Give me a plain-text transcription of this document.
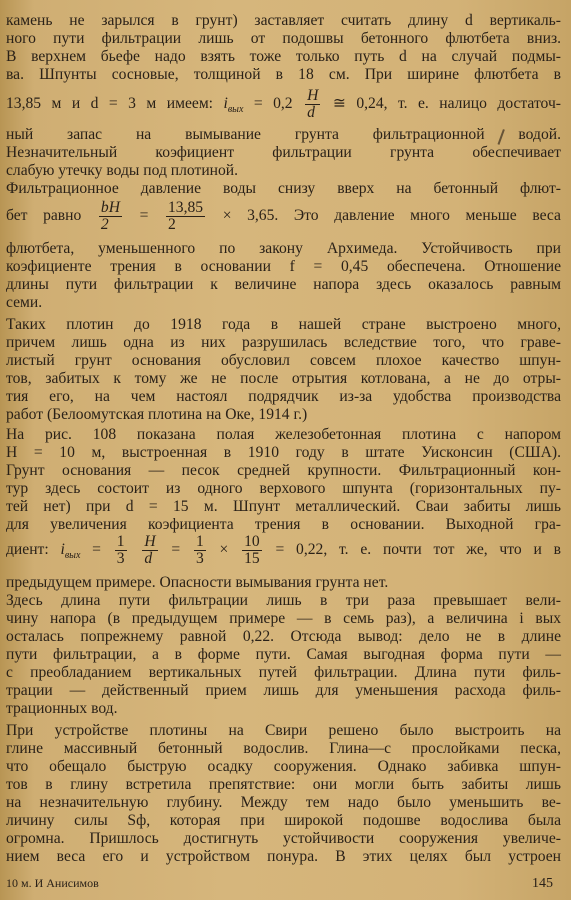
камень не зарылся в грунт) заставляет считать длину d вертикаль-
ного пути фильтрации лишь от подошвы бетонного флютбета вниз.
В верхнем бьефе надо взять тоже только путь d на случай подмы-
ва. Шпунты сосновые, толщиной в 18 см. При ширине флютбета в
13,85 м и d = 3 м имеем: $i_{вых} = 0,2 \frac{H}{d}$ ≅ 0,24, т. е. налицо достаточ-
ный запас на вымывание грунта фильтрационной водой.
Незначительный коэфициент фильтрации грунта обеспечивает
слабую утечку воды под плотиной.
Фильтрационное давление воды снизу вверх на бетонный флют-
бет равно $\frac{bH}{2} = \frac{13,85}{2} \times 3,65$. Это давление много меньше веса
флютбета, уменьшенного по закону Архимеда. Устойчивость при
коэфициенте трения в основании f = 0,45 обеспечена. Отношение
длины пути фильтрации к величине напора здесь оказалось равным
семи.
Таких плотин до 1918 года в нашей стране выстроено много,
причем лишь одна из них разрушилась вследствие того, что граве-
листый грунт основания обусловил совсем плохое качество шпун-
тов, забитых к тому же не после отрытия котлована, а не до отры-
тия его, на чем настоял подрядчик из-за удобства производства
работ (Белоомутская плотина на Оке, 1914 г.)
На рис. 108 показана полая железобетонная плотина с напором
H = 10 м, выстроенная в 1910 году в штате Уисконсин (США).
Грунт основания — песок средней крупности. Фильтрационный кон-
тур здесь состоит из одного верхового шпунта (горизонтальных пу-
тей нет) при d = 15 м. Шпунт металлический. Сваи забиты лишь
для увеличения коэфициента трения в основании. Выходной гра-
диент: $i_{вых} = \frac{1}{3}$
$\frac{H}{d} = \frac{1}{3} \times \frac{10}{15} = 0,22$, т. е. почти тот же, что и в
предыдущем примере. Опасности вымывания грунта нет.
Здесь длина пути фильтрации лишь в три раза превышает вели-
чину напора (в предыдущем примере — в семь раз), а величина i вых
осталась попрежнему равной 0,22. Отсюда вывод: дело не в длине
пути фильтрации, а в форме пути. Самая выгодная форма пути —
с преобладанием вертикальных путей фильтрации. Длина пути филь-
трации — действенный прием лишь для уменьшения расхода филь-
трационных вод.
При устройстве плотины на Свири решено было выстроить на
глине массивный бетонный водослив. Глина—с прослойками песка,
что обещало быструю осадку сооружения. Однако забивка шпун-
тов в глину встретила препятствие: они могли быть забиты лишь
на незначительную глубину. Между тем надо было уменьшить ве-
личину силы Sф, которая при широкой подошве водослива была
огромна. Пришлось достигнуть устойчивости сооружения увеличе-
нием веса его и устройством понура. В этих целях был устроен
10 м. И Анисимов	145
